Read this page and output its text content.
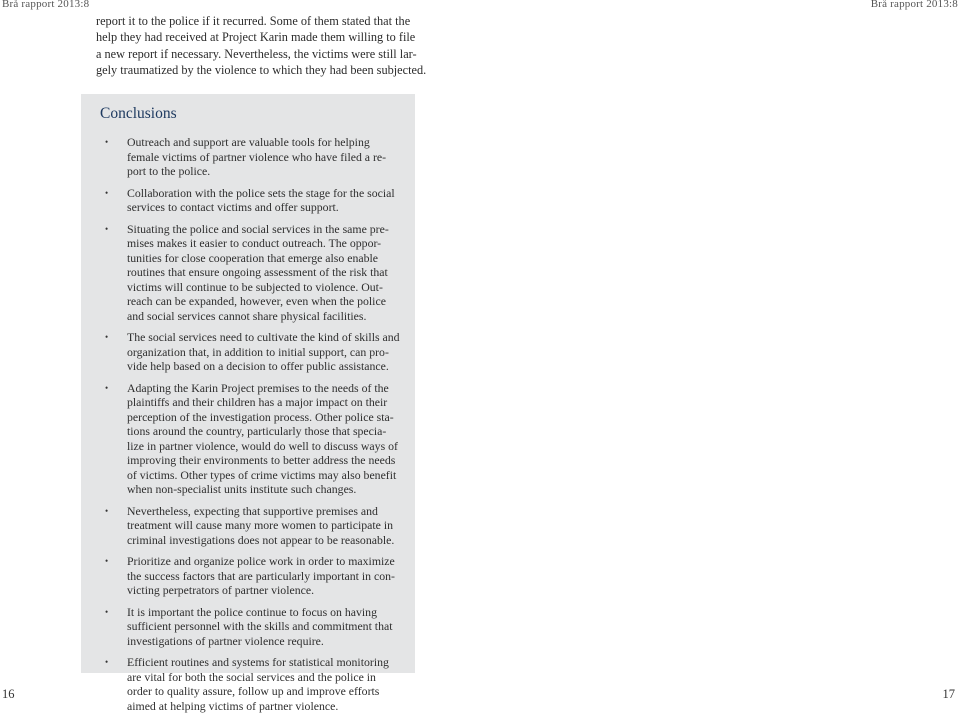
Brå rapport 2013:8	Brå rapport 2013:8

report it to the police if it recurred. Some of them stated that the
help they had received at Project Karin made them willing to file
a new report if necessary. Nevertheless, the victims were still lar-
gely traumatized by the violence to which they had been subjected.

Conclusions
• Outreach and support are valuable tools for helping
female victims of partner violence who have filed a re-
port to the police.
• Collaboration with the police sets the stage for the social
services to contact victims and offer support.
• Situating the police and social services in the same pre-
mises makes it easier to conduct outreach. The oppor-
tunities for close cooperation that emerge also enable
routines that ensure ongoing assessment of the risk that
victims will continue to be subjected to violence. Out-
reach can be expanded, however, even when the police
and social services cannot share physical facilities.
• The social services need to cultivate the kind of skills and
organization that, in addition to initial support, can pro-
vide help based on a decision to offer public assistance.
• Adapting the Karin Project premises to the needs of the
plaintiffs and their children has a major impact on their
perception of the investigation process. Other police sta-
tions around the country, particularly those that specia-
lize in partner violence, would do well to discuss ways of
improving their environments to better address the needs
of victims. Other types of crime victims may also benefit
when non-specialist units institute such changes.
• Nevertheless, expecting that supportive premises and
treatment will cause many more women to participate in
criminal investigations does not appear to be reasonable.
• Prioritize and organize police work in order to maximize
the success factors that are particularly important in con-
victing perpetrators of partner violence.
• It is important the police continue to focus on having
sufficient personnel with the skills and commitment that
investigations of partner violence require.
• Efficient routines and systems for statistical monitoring
are vital for both the social services and the police in
order to quality assure, follow up and improve efforts
aimed at helping victims of partner violence.
16	17
